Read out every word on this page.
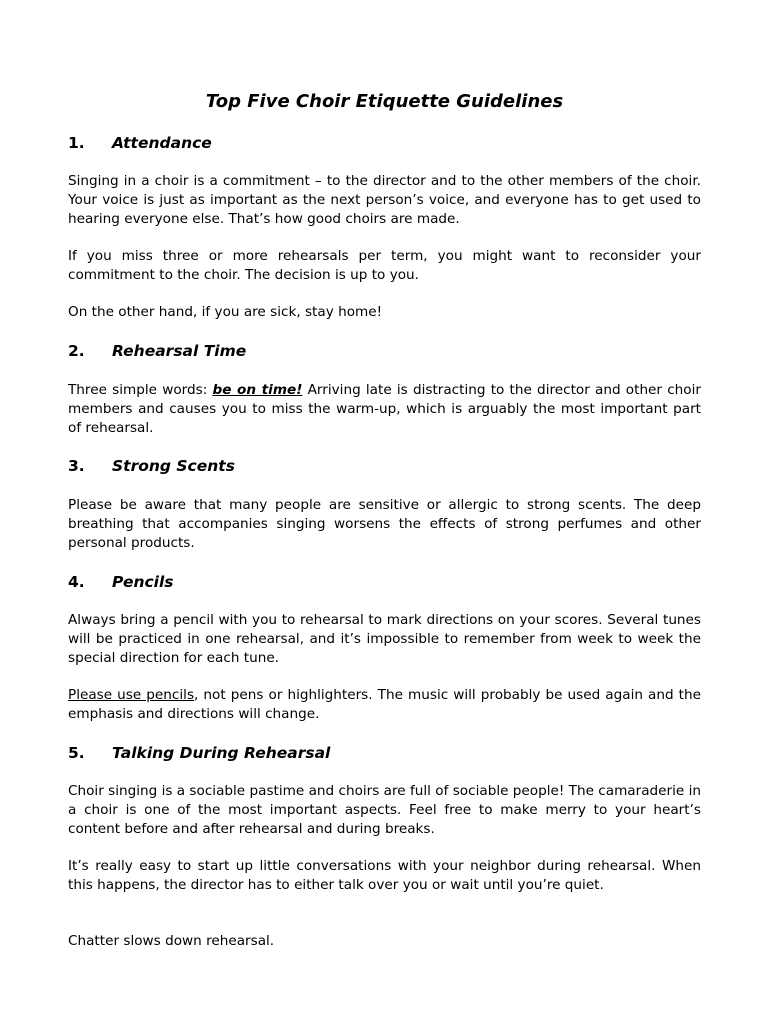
Top Five Choir Etiquette Guidelines
1. Attendance

Singing in a choir is a commitment – to the director and to the other members of the choir. Your voice is just as important as the next person’s voice, and everyone has to get used to hearing everyone else. That’s how good choirs are made.

If you miss three or more rehearsals per term, you might want to reconsider your commitment to the choir. The decision is up to you.

On the other hand, if you are sick, stay home!

2. Rehearsal Time

Three simple words: be on time! Arriving late is distracting to the director and other choir members and causes you to miss the warm-up, which is arguably the most important part of rehearsal.

3. Strong Scents

Please be aware that many people are sensitive or allergic to strong scents. The deep breathing that accompanies singing worsens the effects of strong perfumes and other personal products.

4. Pencils

Always bring a pencil with you to rehearsal to mark directions on your scores. Several tunes will be practiced in one rehearsal, and it’s impossible to remember from week to week the special direction for each tune.

Please use pencils, not pens or highlighters. The music will probably be used again and the emphasis and directions will change.

5. Talking During Rehearsal

Choir singing is a sociable pastime and choirs are full of sociable people! The camaraderie in a choir is one of the most important aspects. Feel free to make merry to your heart’s content before and after rehearsal and during breaks.

It’s really easy to start up little conversations with your neighbor during rehearsal. When this happens, the director has to either talk over you or wait until you’re quiet.

Chatter slows down rehearsal.
